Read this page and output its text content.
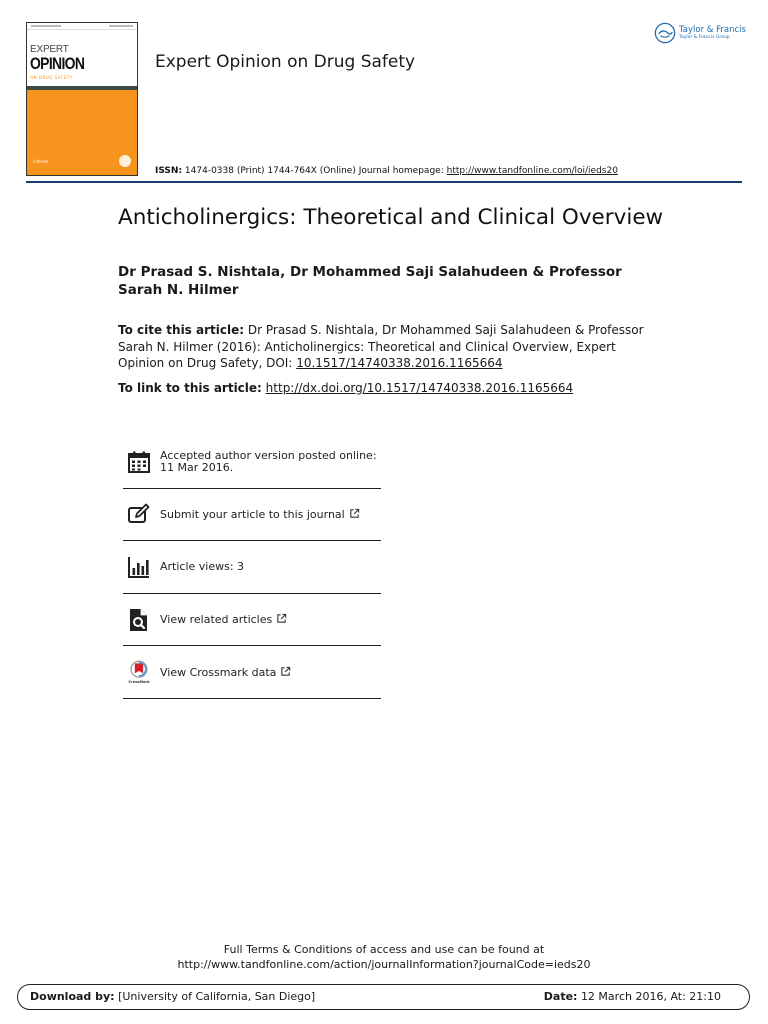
EXPERT
OPINION
ON DRUG SAFETY
informa
Expert Opinion on Drug Safety
Taylor & Francis
Taylor & Francis Group
ISSN: 1474-0338 (Print) 1744-764X (Online) Journal homepage: http://www.tandfonline.com/loi/ieds20
Anticholinergics: Theoretical and Clinical Overview

Dr Prasad S. Nishtala, Dr Mohammed Saji Salahudeen & Professor Sarah N. Hilmer

To cite this article: Dr Prasad S. Nishtala, Dr Mohammed Saji Salahudeen & Professor Sarah N. Hilmer (2016): Anticholinergics: Theoretical and Clinical Overview, Expert Opinion on Drug Safety, DOI: 10.1517/14740338.2016.1165664

To link to this article: http://dx.doi.org/10.1517/14740338.2016.1165664
Accepted author version posted online: 11 Mar 2016.
Submit your article to this journal
Article views: 3
View related articles
CrossMark
View Crossmark data
Full Terms & Conditions of access and use can be found at
http://www.tandfonline.com/action/journalInformation?journalCode=ieds20
Download by: [University of California, San Diego]	Date: 12 March 2016, At: 21:10
